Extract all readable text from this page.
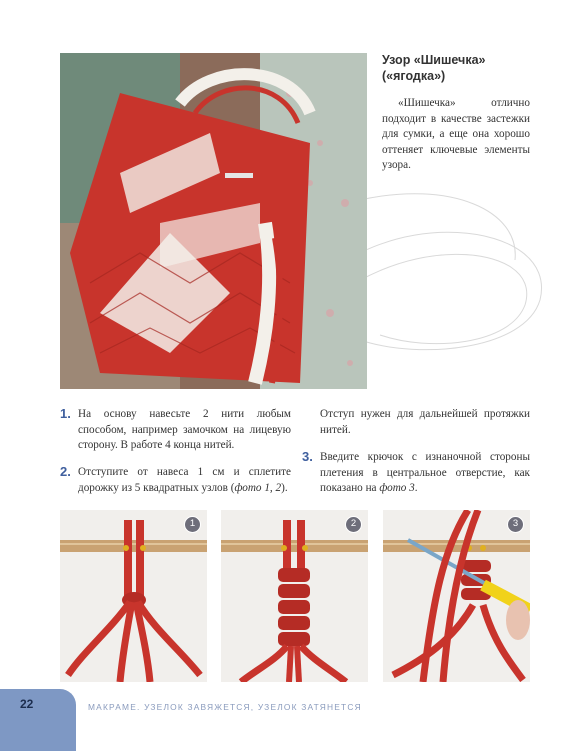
Узор «Шишечка»
(«ягодка»)
«Шишечка» отлично подходит в качестве застежки для сумки, а еще она хорошо оттеняет ключевые элементы узора.
1. На основу навесьте 2 нити любым способом, например замочком на лицевую сторону. В работе 4 конца нитей.
2. Отступите от навеса 1 см и сплетите дорожку из 5 квадратных узлов (фото 1, 2).
Отступ нужен для дальнейшей протяжки нитей.
3. Введите крючок с изнаночной стороны плетения в центральное отверстие, как показано на фото 3.
1	2	3
22	МАКРАМЕ. УЗЕЛОК ЗАВЯЖЕТСЯ, УЗЕЛОК ЗАТЯНЕТСЯ
